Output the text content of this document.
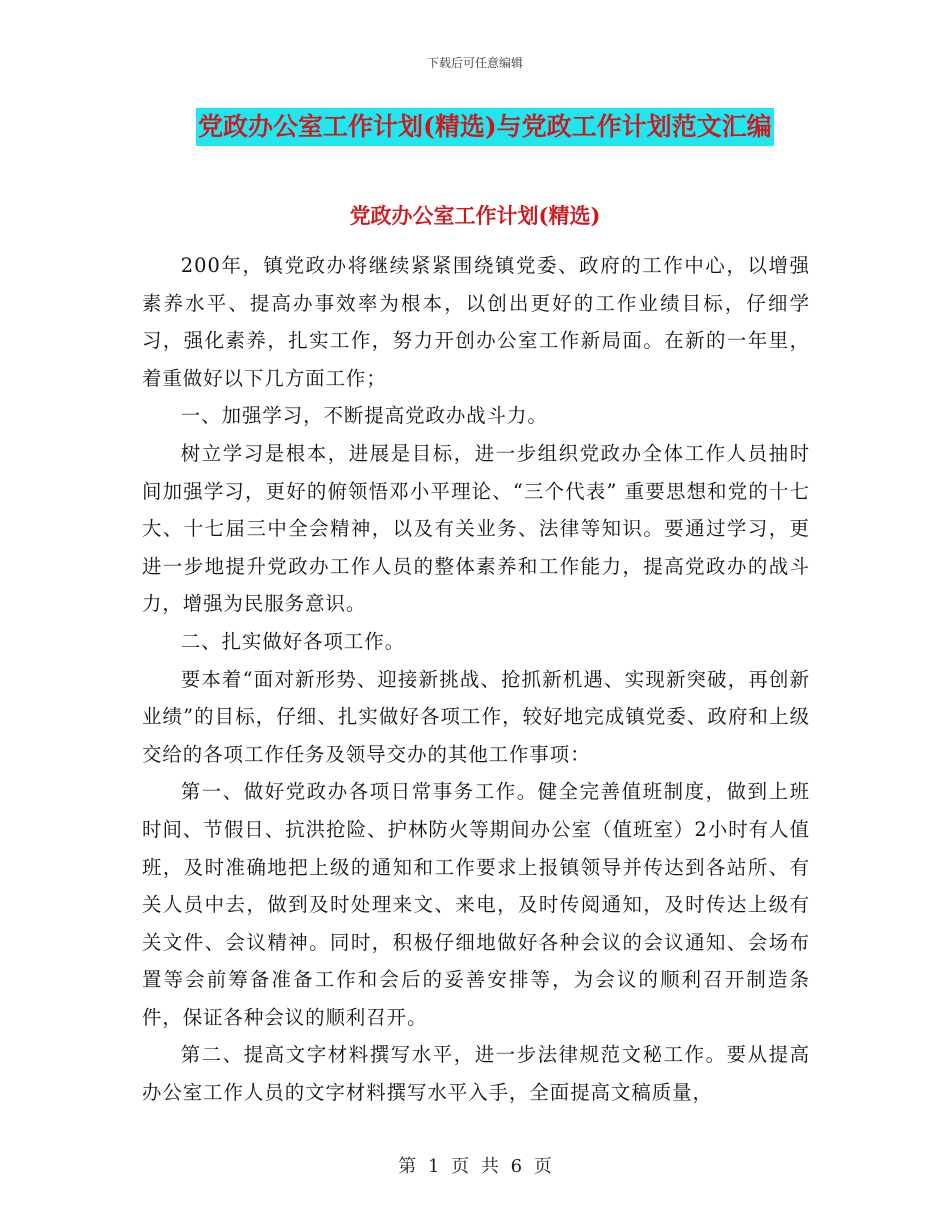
下载后可任意编辑
党政办公室工作计划(精选)与党政工作计划范文汇编
党政办公室工作计划(精选)

200年，镇党政办将继续紧紧围绕镇党委、政府的工作中心，以增强素养水平、提高办事效率为根本，以创出更好的工作业绩目标，仔细学习，强化素养，扎实工作，努力开创办公室工作新局面。在新的一年里，着重做好以下几方面工作；

一、加强学习，不断提高党政办战斗力。

树立学习是根本，进展是目标，进一步组织党政办全体工作人员抽时间加强学习，更好的俯领悟邓小平理论、“三个代表” 重要思想和党的十七大、十七届三中全会精神，以及有关业务、法律等知识。要通过学习，更进一步地提升党政办工作人员的整体素养和工作能力，提高党政办的战斗力，增强为民服务意识。

二、扎实做好各项工作。

要本着“面对新形势、迎接新挑战、抢抓新机遇、实现新突破，再创新业绩”的目标，仔细、扎实做好各项工作，较好地完成镇党委、政府和上级交给的各项工作任务及领导交办的其他工作事项：

第一、做好党政办各项日常事务工作。健全完善值班制度，做到上班时间、节假日、抗洪抢险、护林防火等期间办公室（值班室）2小时有人值班，及时准确地把上级的通知和工作要求上报镇领导并传达到各站所、有关人员中去，做到及时处理来文、来电，及时传阅通知，及时传达上级有关文件、会议精神。同时，积极仔细地做好各种会议的会议通知、会场布置等会前筹备准备工作和会后的妥善安排等，为会议的顺利召开制造条件，保证各种会议的顺利召开。

第二、提高文字材料撰写水平，进一步法律规范文秘工作。要从提高办公室工作人员的文字材料撰写水平入手，全面提高文稿质量，

第 1 页 共 6 页
